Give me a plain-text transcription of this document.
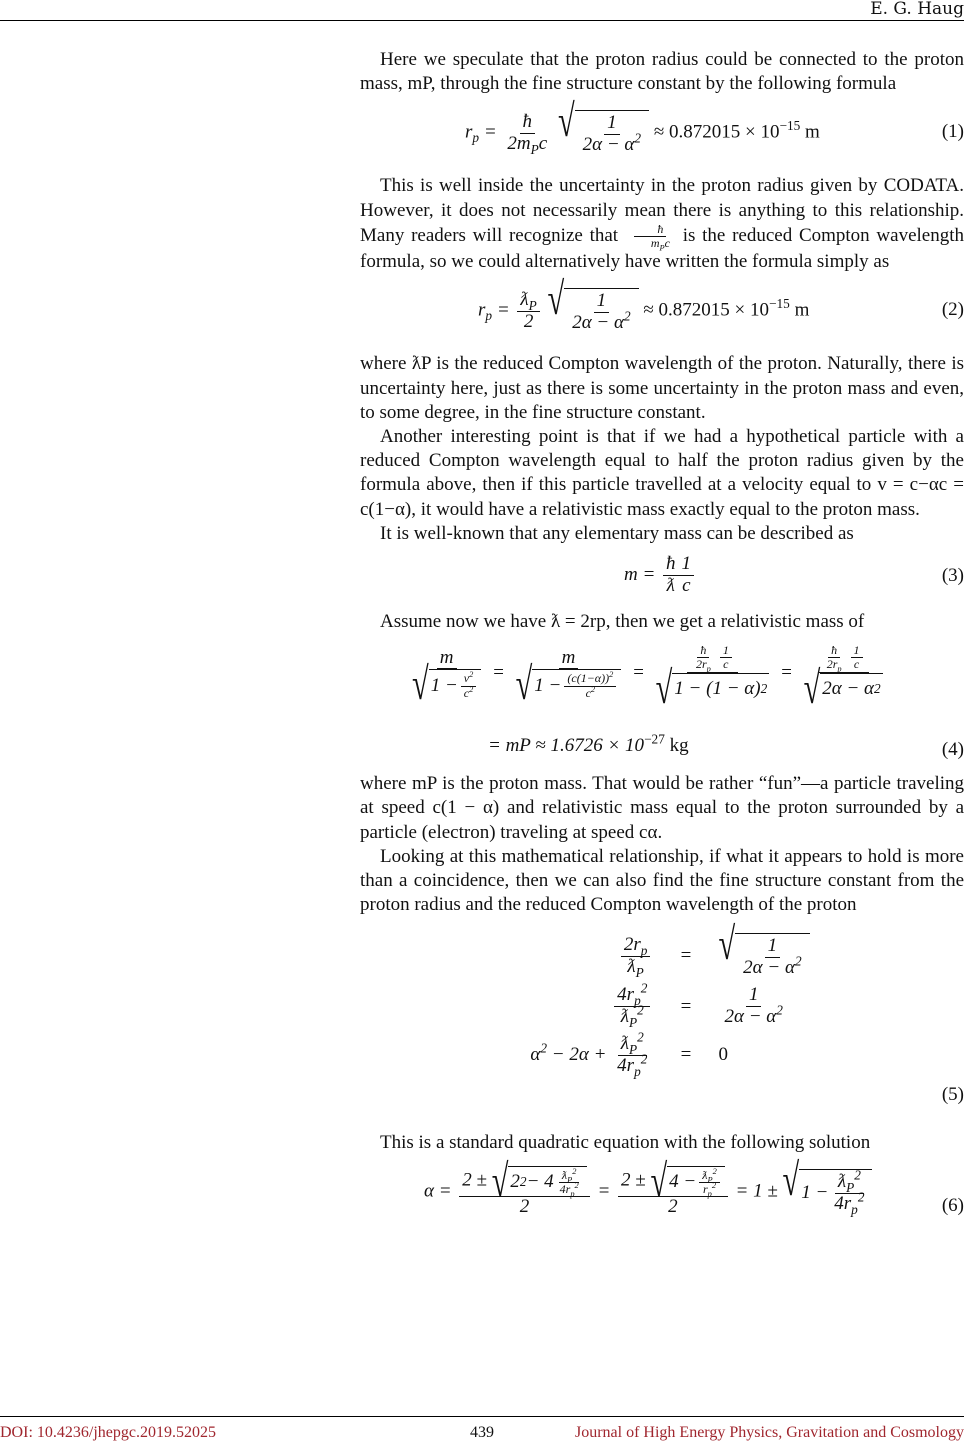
E. G. Haug

Here we speculate that the proton radius could be connected to the proton mass, mP, through the fine structure constant by the following formula

$r_p = \frac{ħ}{2m_Pc}$
√ $\frac{1}{2\alpha - \alpha^2} \approx 0.872015 \times 10^{-15}$ m	(1)

This is well inside the uncertainty in the proton radius given by CODATA. However, it does not necessarily mean there is anything to this relationship. Many readers will recognize that $\frac{ħ}{m_Pc}$ is the reduced Compton wavelength formula, so we could alternatively have written the formula simply as

$r_p = \frac{ƛ_P}{2}$
√ $\frac{1}{2\alpha - \alpha^2} \approx 0.872015 \times 10^{-15}$ m	(2)

where ƛP is the reduced Compton wavelength of the proton. Naturally, there is uncertainty here, just as there is some uncertainty in the proton mass and even, to some degree, in the fine structure constant.

Another interesting point is that if we had a hypothetical particle with a reduced Compton wavelength equal to half the proton radius given by the formula above, then if this particle travelled at a velocity equal to v = c−αc = c(1−α), it would have a relativistic mass exactly equal to the proton mass.

It is well-known that any elementary mass can be described as

$m = \frac{ħ}{ƛ} \frac{1}{c}$	(3)

Assume now we have ƛ = 2rp, then we get a relativistic mass of

$\frac{m}{√ 1 - \frac{v^2}{c^2}} = \frac{m}{√ 1 - \frac{(c(1-\alpha))^2}{c^2}} = \frac{\frac{ħ}{2r_p} \frac{1}{c}}{√ 1 - (1 - \alpha) 2} = \frac{\frac{ħ}{2r_p} \frac{1}{c}}{√ 2\alpha - \alpha 2}$
= mP ≈ $1.6726 \times 10^{-27}$ kg	(4)

where mP is the proton mass. That would be rather “fun”—a particle traveling at speed c(1 − α) and relativistic mass equal to the proton surrounded by a particle (electron) traveling at speed cα.

Looking at this mathematical relationship, if what it appears to hold is more than a coincidence, then we can also find the fine structure constant from the proton radius and the reduced Compton wavelength of the proton

$\frac{2r_p}{ƛ_P}$ = √ $\frac{1}{2\alpha - \alpha^2}$
$\frac{4r_p^2}{ƛ_P^2} = \frac{1}{2\alpha - \alpha^2}$
$\alpha^2 - 2\alpha + \frac{ƛ_P^2}{4r_p^2} = 0$
(5)

This is a standard quadratic equation with the following solution

$\alpha = \frac{2 \pm √ 2 2 - 4 \frac{ƛ_P^2}{4r_p^2}}{2} = \frac{2 \pm √ 4 - \frac{ƛ_P^2}{r_p^2}}{2} = 1$ ± √ $1 - \frac{ƛ_P^2}{4r_p^2}$	(6)
DOI: 10.4236/jhepgc.2019.52025	439	Journal of High Energy Physics, Gravitation and Cosmology
